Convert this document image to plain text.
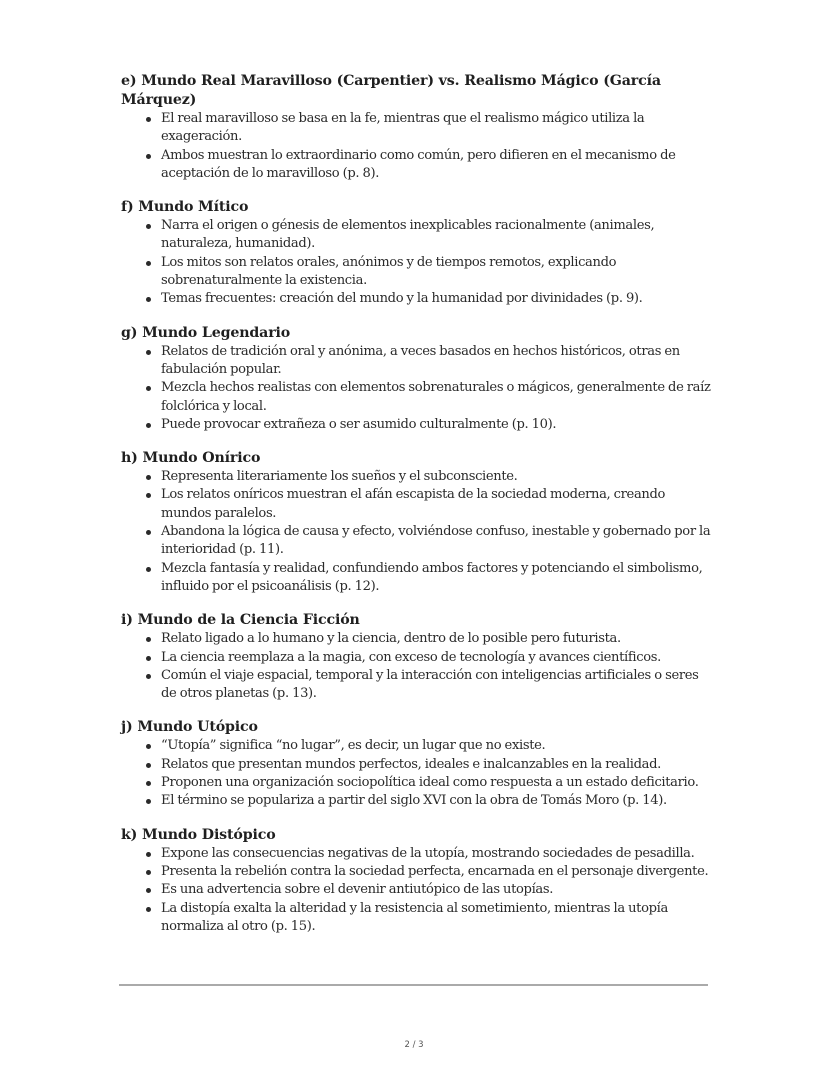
e) Mundo Real Maravilloso (Carpentier) vs. Realismo Mágico (García Márquez)
El real maravilloso se basa en la fe, mientras que el realismo mágico utiliza la exageración.
Ambos muestran lo extraordinario como común, pero difieren en el mecanismo de aceptación de lo maravilloso (p. 8).
f) Mundo Mítico
Narra el origen o génesis de elementos inexplicables racionalmente (animales, naturaleza, humanidad).
Los mitos son relatos orales, anónimos y de tiempos remotos, explicando sobrenaturalmente la existencia.
Temas frecuentes: creación del mundo y la humanidad por divinidades (p. 9).
g) Mundo Legendario
Relatos de tradición oral y anónima, a veces basados en hechos históricos, otras en fabulación popular.
Mezcla hechos realistas con elementos sobrenaturales o mágicos, generalmente de raíz folclórica y local.
Puede provocar extrañeza o ser asumido culturalmente (p. 10).
h) Mundo Onírico
Representa literariamente los sueños y el subconsciente.
Los relatos oníricos muestran el afán escapista de la sociedad moderna, creando mundos paralelos.
Abandona la lógica de causa y efecto, volviéndose confuso, inestable y gobernado por la interioridad (p. 11).
Mezcla fantasía y realidad, confundiendo ambos factores y potenciando el simbolismo, influido por el psicoanálisis (p. 12).
i) Mundo de la Ciencia Ficción
Relato ligado a lo humano y la ciencia, dentro de lo posible pero futurista.
La ciencia reemplaza a la magia, con exceso de tecnología y avances científicos.
Común el viaje espacial, temporal y la interacción con inteligencias artificiales o seres de otros planetas (p. 13).
j) Mundo Utópico
“Utopía” significa “no lugar”, es decir, un lugar que no existe.
Relatos que presentan mundos perfectos, ideales e inalcanzables en la realidad.
Proponen una organización sociopolítica ideal como respuesta a un estado deficitario.
El término se populariza a partir del siglo XVI con la obra de Tomás Moro (p. 14).
k) Mundo Distópico
Expone las consecuencias negativas de la utopía, mostrando sociedades de pesadilla.
Presenta la rebelión contra la sociedad perfecta, encarnada en el personaje divergente.
Es una advertencia sobre el devenir antiutópico de las utopías.
La distopía exalta la alteridad y la resistencia al sometimiento, mientras la utopía normaliza al otro (p. 15).
2 / 3
